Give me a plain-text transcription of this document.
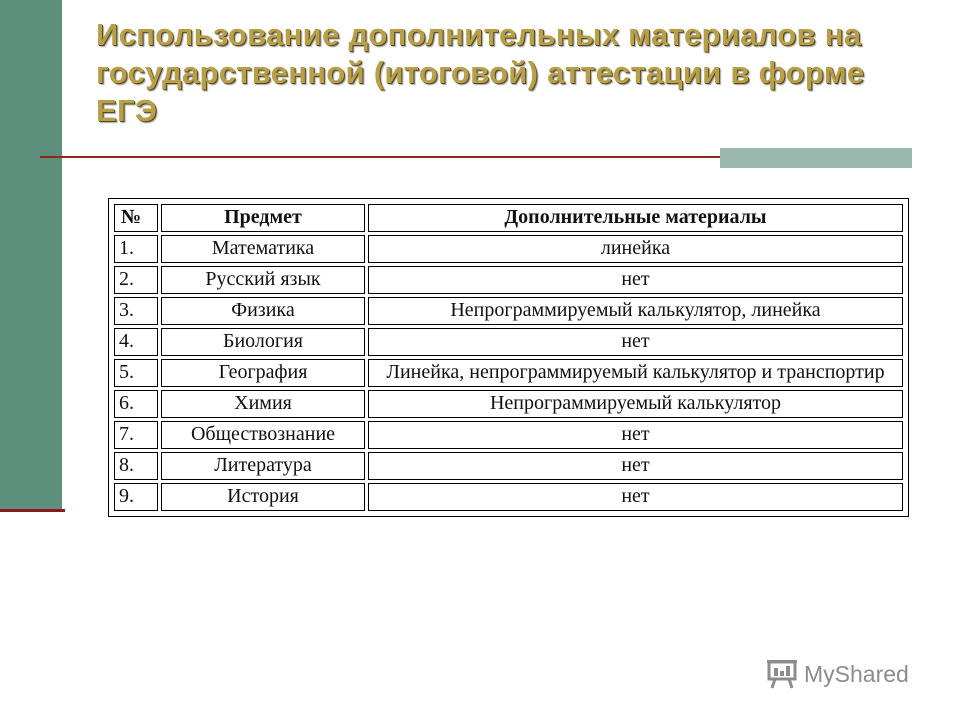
Использование дополнительных материалов на государственной (итоговой) аттестации в форме ЕГЭ
№	Предмет	Дополнительные материалы
1.	Математика	линейка
2.	Русский язык	нет
3.	Физика	Непрограммируемый калькулятор, линейка
4.	Биология	нет
5.	География	Линейка, непрограммируемый калькулятор и транспортир
6.	Химия	Непрограммируемый калькулятор
7.	Обществознание	нет
8.	Литература	нет
9.	История	нет
MyShared
